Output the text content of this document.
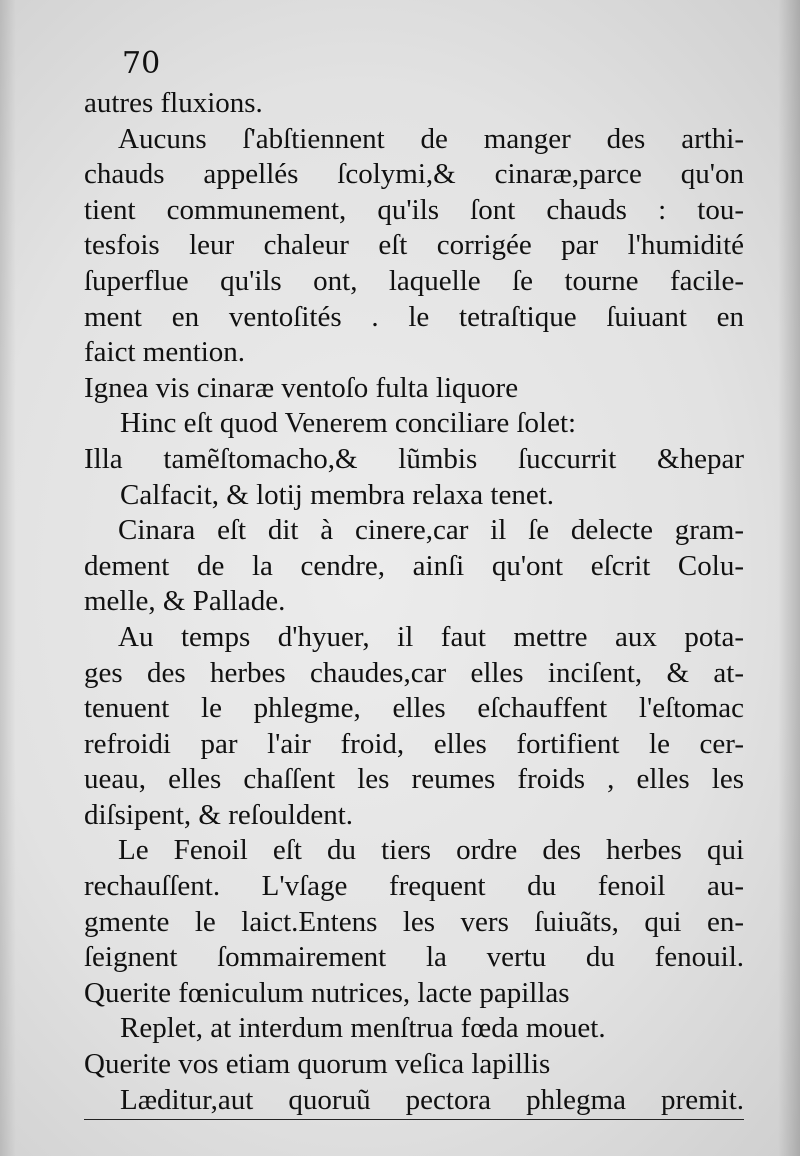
70
autres fluxions.
Aucuns ſ'abſtiennent de manger des arthi-
chauds appellés ſcolymi,& cinaræ,parce qu'on
tient communement, qu'ils ſont chauds : tou-
tesfois leur chaleur eſt corrigée par l'humidité
ſuperflue qu'ils ont, laquelle ſe tourne facile-
ment en ventoſités . le tetraſtique ſuiuant en
faict mention.
Ignea vis cinaræ ventoſo fulta liquore
Hinc eſt quod Venerem conciliare ſolet:
Illa tamẽſtomacho,& lũmbis ſuccurrit &hepar
Calfacit, & lotij membra relaxa tenet.
Cinara eſt dit à cinere,car il ſe delecte gram-
dement de la cendre, ainſi qu'ont eſcrit Colu-
melle, & Pallade.
Au temps d'hyuer, il faut mettre aux pota-
ges des herbes chaudes,car elles inciſent, & at-
tenuent le phlegme, elles eſchauffent l'eſtomac
refroidi par l'air froid, elles fortifient le cer-
ueau, elles chaſſent les reumes froids , elles les
diſsipent, & reſouldent.
Le Fenoil eſt du tiers ordre des herbes qui
rechauſſent. L'vſage frequent du fenoil au-
gmente le laict.Entens les vers ſuiuãts, qui en-
ſeignent ſommairement la vertu du fenouil.
Querite fœniculum nutrices, lacte papillas
Replet, at interdum menſtrua fœda mouet.
Querite vos etiam quorum veſica lapillis
Læditur,aut quoruũ pectora phlegma premit.
